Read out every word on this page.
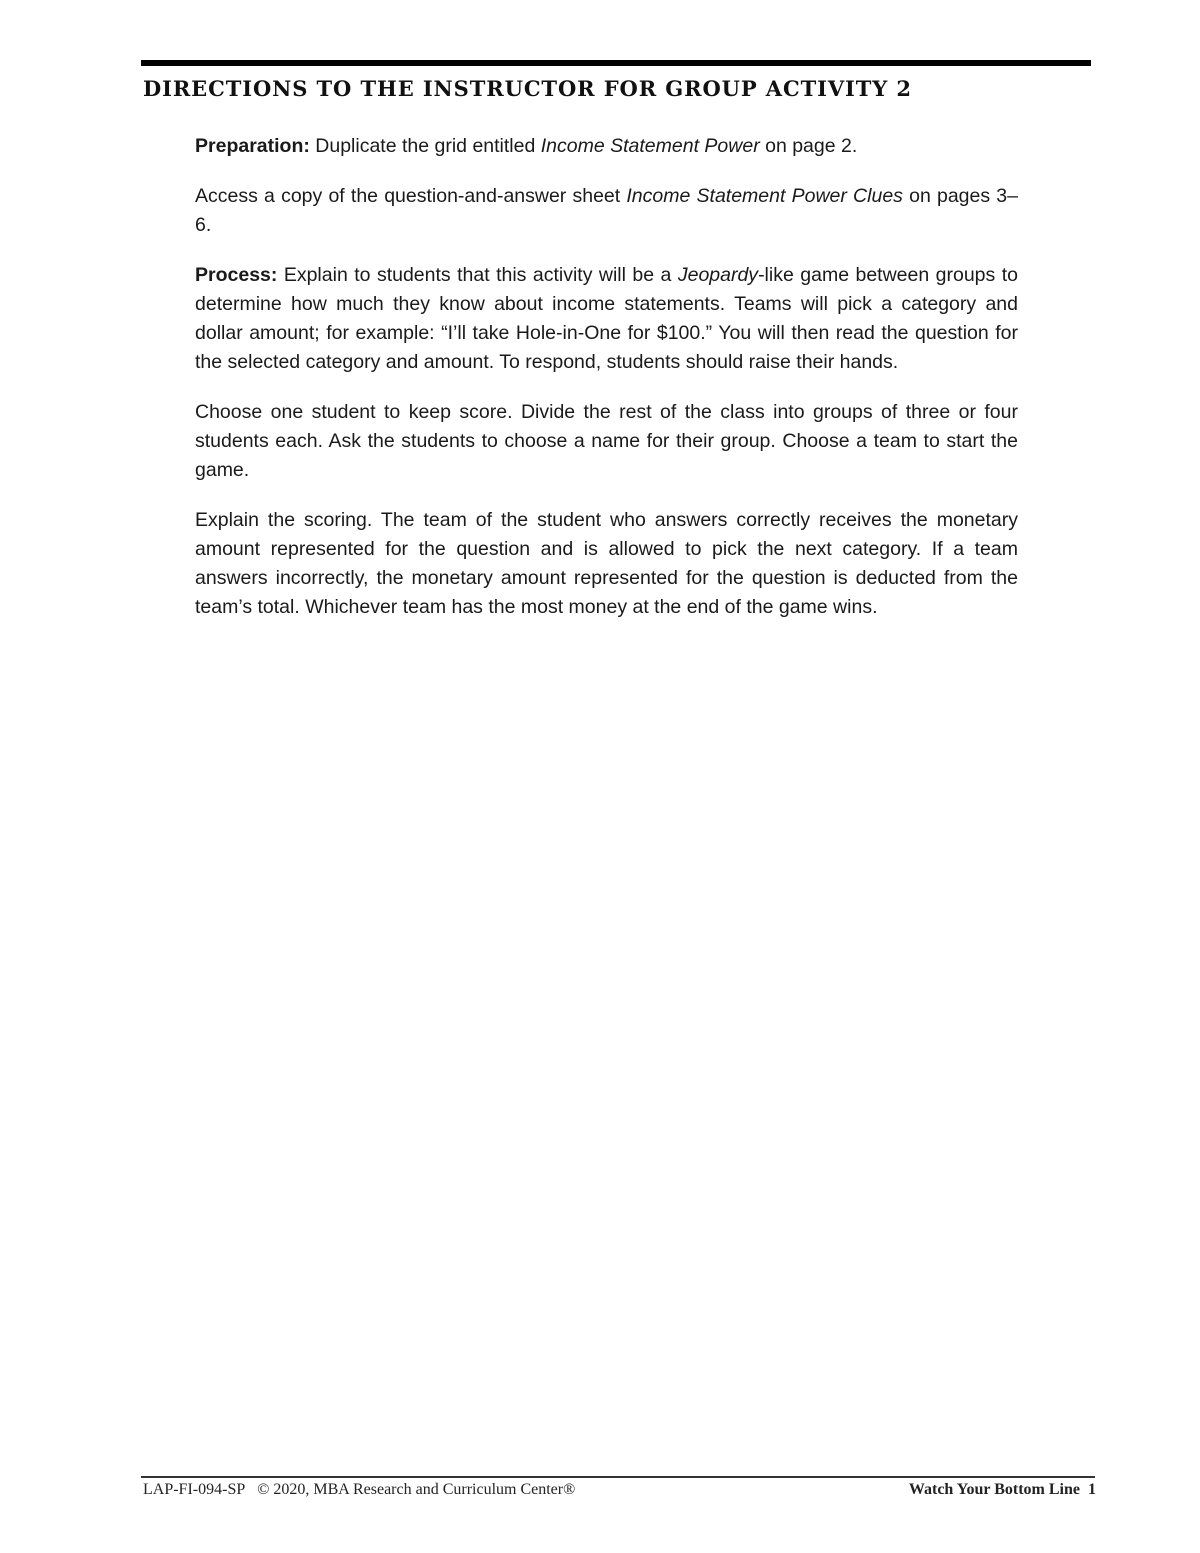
DIRECTIONS TO THE INSTRUCTOR FOR GROUP ACTIVITY 2

Preparation: Duplicate the grid entitled Income Statement Power on page 2.

Access a copy of the question-and-answer sheet Income Statement Power Clues on pages 3–6.

Process: Explain to students that this activity will be a Jeopardy-like game between groups to determine how much they know about income statements. Teams will pick a category and dollar amount; for example: “I’ll take Hole-in-One for $100.” You will then read the question for the selected category and amount. To respond, students should raise their hands.

Choose one student to keep score. Divide the rest of the class into groups of three or four students each. Ask the students to choose a name for their group. Choose a team to start the game.

Explain the scoring. The team of the student who answers correctly receives the monetary amount represented for the question and is allowed to pick the next category. If a team answers incorrectly, the monetary amount represented for the question is deducted from the team’s total. Whichever team has the most money at the end of the game wins.

LAP-FI-094-SP © 2020, MBA Research and Curriculum Center®	Watch Your Bottom Line 1
